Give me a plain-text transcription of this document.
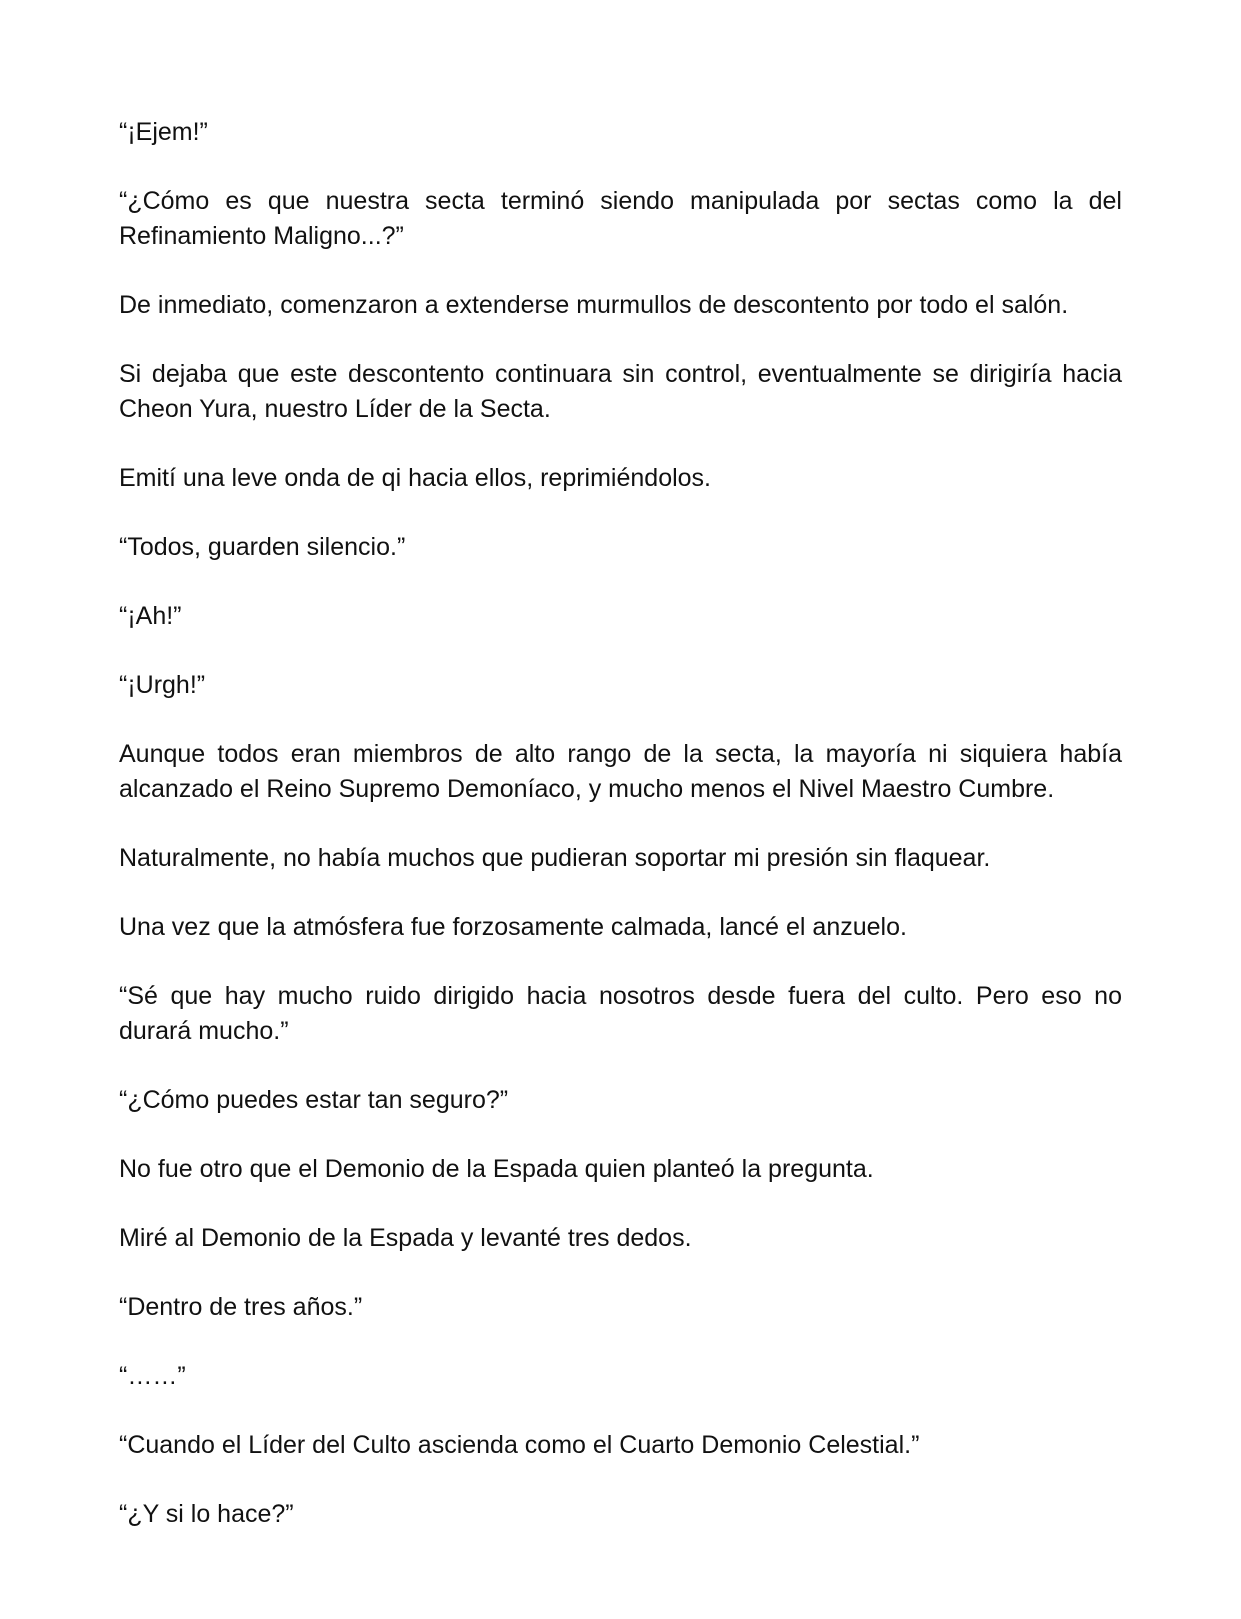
“¡Ejem!”

“¿Cómo es que nuestra secta terminó siendo manipulada por sectas como la del Refinamiento Maligno...?”

De inmediato, comenzaron a extenderse murmullos de descontento por todo el salón.

Si dejaba que este descontento continuara sin control, eventualmente se dirigiría hacia Cheon Yura, nuestro Líder de la Secta.

Emití una leve onda de qi hacia ellos, reprimiéndolos.

“Todos, guarden silencio.”

“¡Ah!”

“¡Urgh!”

Aunque todos eran miembros de alto rango de la secta, la mayoría ni siquiera había alcanzado el Reino Supremo Demoníaco, y mucho menos el Nivel Maestro Cumbre.

Naturalmente, no había muchos que pudieran soportar mi presión sin flaquear.

Una vez que la atmósfera fue forzosamente calmada, lancé el anzuelo.

“Sé que hay mucho ruido dirigido hacia nosotros desde fuera del culto. Pero eso no durará mucho.”

“¿Cómo puedes estar tan seguro?”

No fue otro que el Demonio de la Espada quien planteó la pregunta.

Miré al Demonio de la Espada y levanté tres dedos.

“Dentro de tres años.”

“……”

“Cuando el Líder del Culto ascienda como el Cuarto Demonio Celestial.”

“¿Y si lo hace?”
